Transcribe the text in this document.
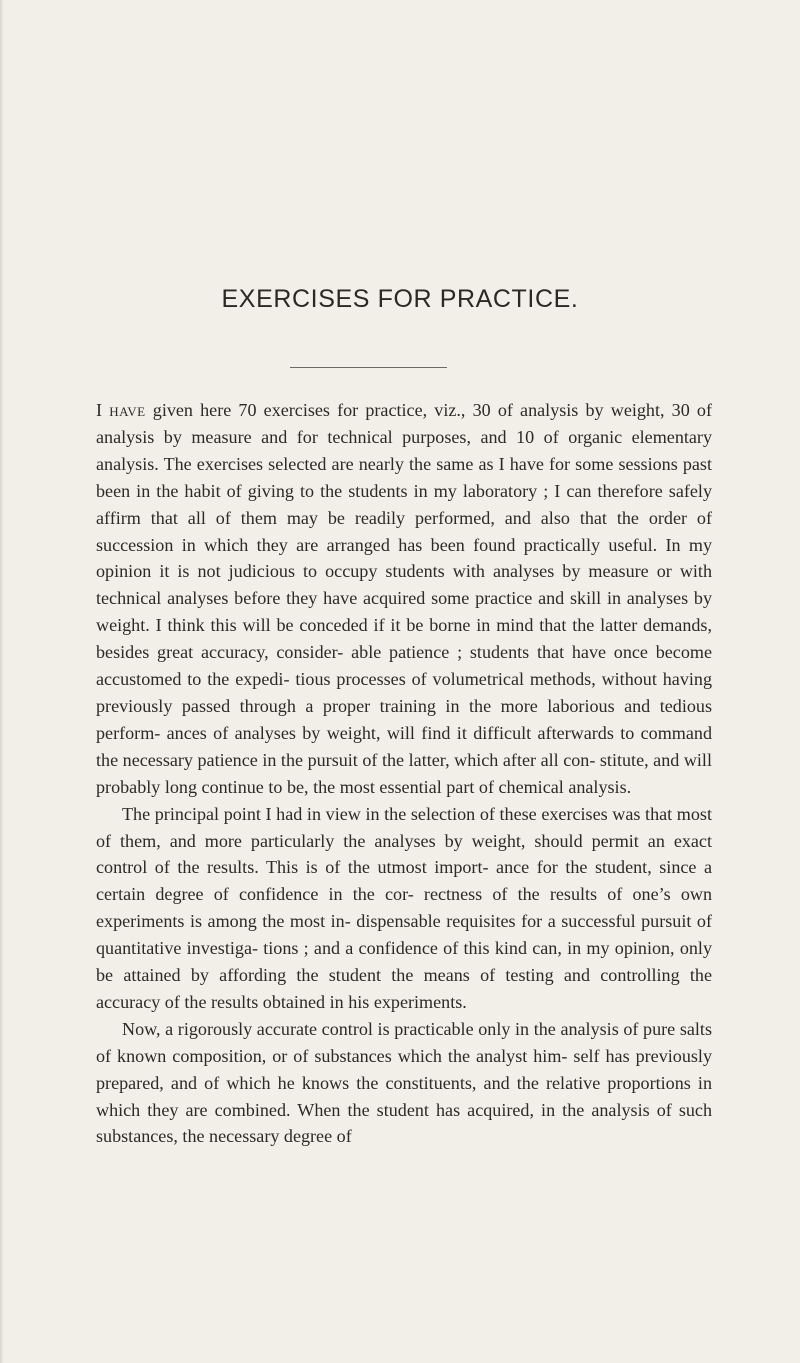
EXERCISES FOR PRACTICE.

I have given here 70 exercises for practice, viz., 30 of analysis by weight, 30 of analysis by measure and for technical purposes, and 10 of organic elementary analysis. The exercises selected are nearly the same as I have for some sessions past been in the habit of giving to the students in my laboratory ; I can therefore safely affirm that all of them may be readily performed, and also that the order of succession in which they are arranged has been found practically useful. In my opinion it is not judicious to occupy students with analyses by measure or with technical analyses before they have acquired some practice and skill in analyses by weight. I think this will be conceded if it be borne in mind that the latter demands, besides great accuracy, consider- able patience ; students that have once become accustomed to the expedi- tious processes of volumetrical methods, without having previously passed through a proper training in the more laborious and tedious perform- ances of analyses by weight, will find it difficult afterwards to command the necessary patience in the pursuit of the latter, which after all con- stitute, and will probably long continue to be, the most essential part of chemical analysis.

The principal point I had in view in the selection of these exercises was that most of them, and more particularly the analyses by weight, should permit an exact control of the results. This is of the utmost import- ance for the student, since a certain degree of confidence in the cor- rectness of the results of one’s own experiments is among the most in- dispensable requisites for a successful pursuit of quantitative investiga- tions ; and a confidence of this kind can, in my opinion, only be attained by affording the student the means of testing and controlling the accuracy of the results obtained in his experiments.

Now, a rigorously accurate control is practicable only in the analysis of pure salts of known composition, or of substances which the analyst him- self has previously prepared, and of which he knows the constituents, and the relative proportions in which they are combined. When the student has acquired, in the analysis of such substances, the necessary degree of
